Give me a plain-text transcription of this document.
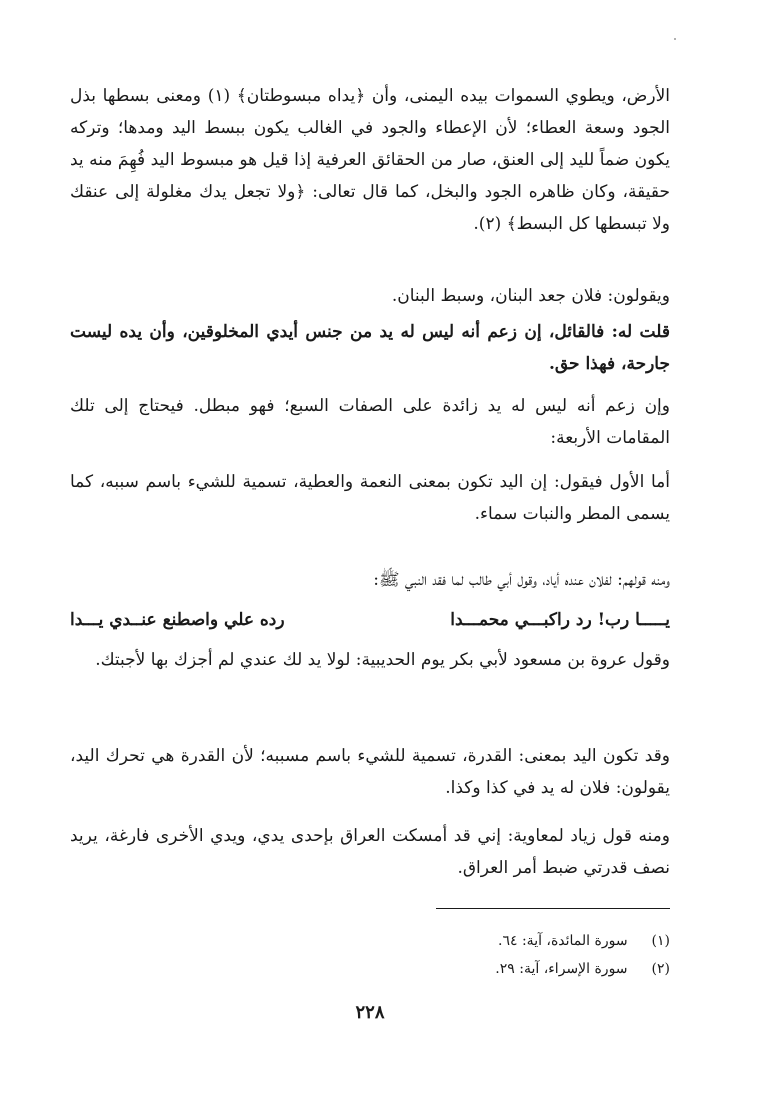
الأرض، ويطوي السموات بيده اليمنى، وأن ﴿يداه مبسوطتان﴾ (١) ومعنى بسطها بذل الجود وسعة العطاء؛ لأن الإعطاء والجود في الغالب يكون ببسط اليد ومدها؛ وتركه يكون ضماً لليد إلى العنق، صار من الحقائق العرفية إذا قيل هو مبسوط اليد فُهِمَ منه يد حقيقة، وكان ظاهره الجود والبخل، كما قال تعالى: ﴿ولا تجعل يدك مغلولة إلى عنقك ولا تبسطها كل البسط﴾ (٢).

ويقولون: فلان جعد البنان، وسبط البنان.

قلت له: فالقائل، إن زعم أنه ليس له يد من جنس أيدي المخلوقين، وأن يده ليست جارحة، فهذا حق.

وإن زعم أنه ليس له يد زائدة على الصفات السبع؛ فهو مبطل. فيحتاج إلى تلك المقامات الأربعة:

أما الأول فيقول: إن اليد تكون بمعنى النعمة والعطية، تسمية للشيء باسم سببه، كما يسمى المطر والنبات سماء.

ومنه قولهم: لفلان عنده أياد، وقول أبي طالب لما فقد النبي ﷺ:

يـــــا رب! رد راكبـــي محمـــدا
رده علي واصطنع عنــدي يـــدا

وقول عروة بن مسعود لأبي بكر يوم الحديبية: لولا يد لك عندي لم أجزك بها لأجبتك.

وقد تكون اليد بمعنى: القدرة، تسمية للشيء باسم مسببه؛ لأن القدرة هي تحرك اليد، يقولون: فلان له يد في كذا وكذا.

ومنه قول زياد لمعاوية: إني قد أمسكت العراق بإحدى يدي، ويدي الأخرى فارغة، يريد نصف قدرتي ضبط أمر العراق.

(١) سورة المائدة، آية: ٦٤.

(٢) سورة الإسراء، آية: ٢٩.

٢٢٨
